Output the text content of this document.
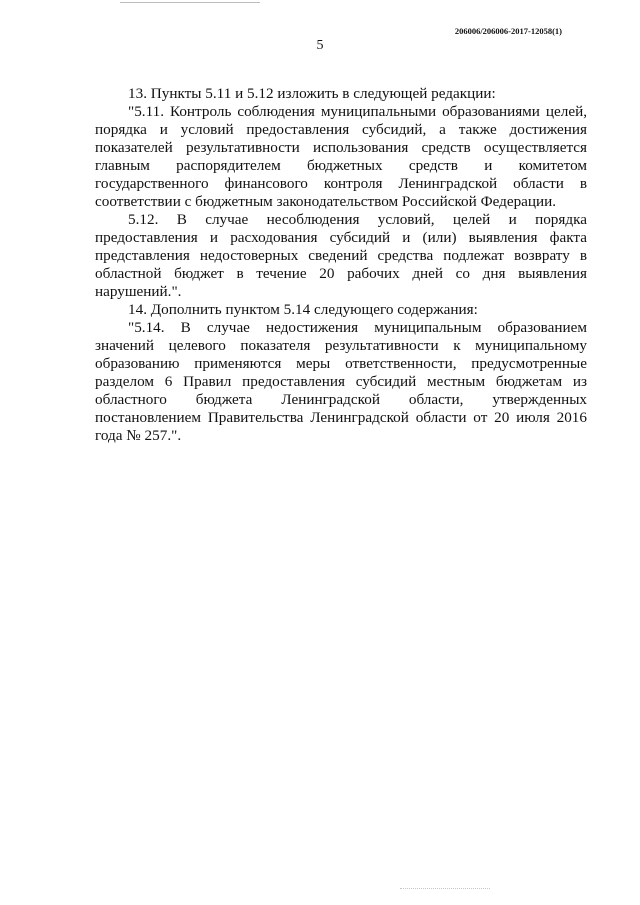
206006/206006-2017-12058(1)
5

13. Пункты 5.11 и 5.12 изложить в следующей редакции:

"5.11. Контроль соблюдения муниципальными образованиями целей, порядка и условий предоставления субсидий, а также достижения показателей результативности использования средств осуществляется главным распорядителем бюджетных средств и комитетом государственного финансового контроля Ленинградской области в соответствии с бюджетным законодательством Российской Федерации.

5.12. В случае несоблюдения условий, целей и порядка предоставления и расходования субсидий и (или) выявления факта представления недостоверных сведений средства подлежат возврату в областной бюджет в течение 20 рабочих дней со дня выявления нарушений.".

14. Дополнить пунктом 5.14 следующего содержания:

"5.14. В случае недостижения муниципальным образованием значений целевого показателя результативности к муниципальному образованию применяются меры ответственности, предусмотренные разделом 6 Правил предоставления субсидий местным бюджетам из областного бюджета Ленинградской области, утвержденных постановлением Правительства Ленинградской области от 20 июля 2016 года № 257.".
